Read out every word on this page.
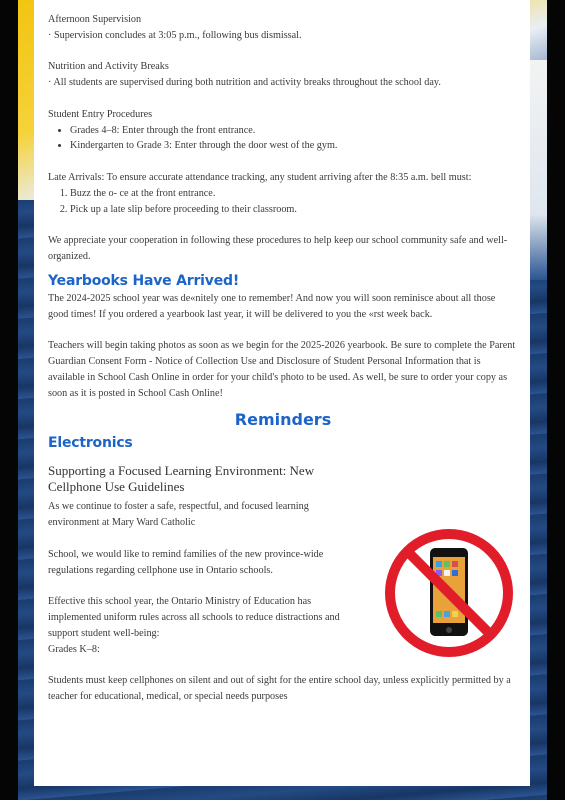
Afternoon Supervision

· Supervision concludes at 3:05 p.m., following bus dismissal.

Nutrition and Activity Breaks

· All students are supervised during both nutrition and activity breaks throughout the school day.

Student Entry Procedures

• Grades 4–8: Enter through the front entrance.
• Kindergarten to Grade 3: Enter through the door west of the gym.

Late Arrivals: To ensure accurate attendance tracking, any student arriving after the 8:35 a.m. bell must:

1. Buzz the o- ce at the front entrance.
2. Pick up a late slip before proceeding to their classroom.

We appreciate your cooperation in following these procedures to help keep our school community safe and well-organized.

Yearbooks Have Arrived!

The 2024-2025 school year was de«nitely one to remember! And now you will soon reminisce about all those good times! If you ordered a yearbook last year, it will be delivered to you the «rst week back.

Teachers will begin taking photos as soon as we begin for the 2025-2026 yearbook. Be sure to complete the Parent Guardian Consent Form - Notice of Collection Use and Disclosure of Student Personal Information that is available in School Cash Online in order for your child's photo to be used. As well, be sure to order your copy as soon as it is posted in School Cash Online!

Reminders
Electronics

Supporting a Focused Learning Environment: New Cellphone Use Guidelines

As we continue to foster a safe, respectful, and focused learning environment at Mary Ward Catholic

School, we would like to remind families of the new province-wide regulations regarding cellphone use in Ontario schools.

Effective this school year, the Ontario Ministry of Education has implemented uniform rules across all schools to reduce distractions and support student well-being:

Grades K–8:

Students must keep cellphones on silent and out of sight for the entire school day, unless explicitly permitted by a teacher for educational, medical, or special needs purposes
